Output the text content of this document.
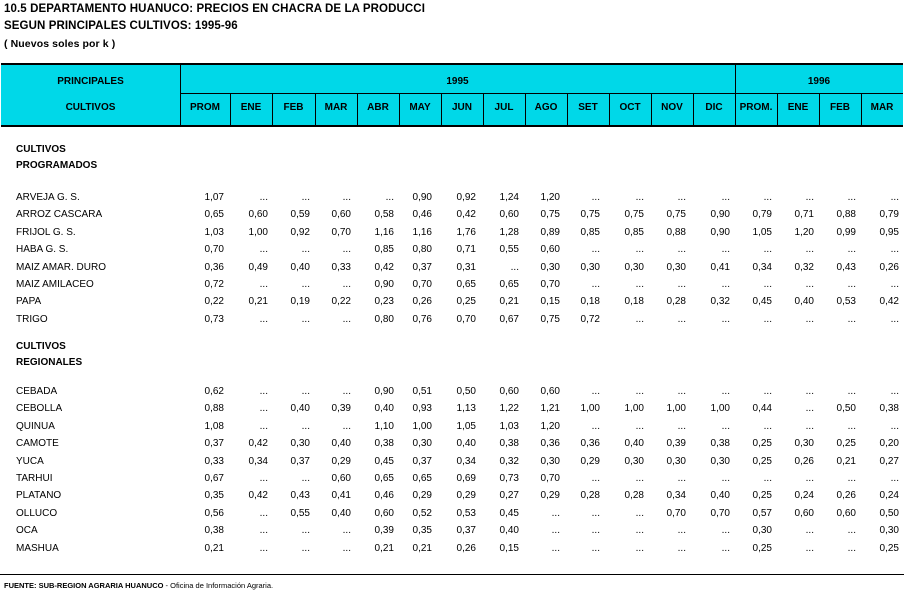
10.5 DEPARTAMENTO HUANUCO: PRECIOS EN CHACRA DE LA PRODUCCI
SEGUN PRINCIPALES CULTIVOS: 1995-96
( Nuevos soles por k )
PRINCIPALES
CULTIVOS
1995	1996
PROM	ENE	FEB	MAR	ABR	MAY	JUN	JUL	AGO	SET	OCT	NOV	DIC	PROM.	ENE	FEB	MAR
CULTIVOS
PROGRAMADOS
ARVEJA G. S.	1,07	...	...	...	... 0,90 0,92 1,24 1,20	...	...	...	...	...	...	...	...
ARROZ CASCARA	0,65 0,60 0,59 0,60 0,58 0,46 0,42 0,60 0,75 0,75 0,75 0,75 0,90 0,79 0,71 0,88 0,79
FRIJOL G. S.	1,03 1,00 0,92 0,70 1,16 1,16 1,76 1,28 0,89 0,85 0,85 0,88 0,90 1,05 1,20 0,99 0,95
HABA G. S.	0,70	...	...	... 0,85 0,80 0,71 0,55 0,60	...	...	...	...	...	...	...	...
MAIZ AMAR. DURO	0,36 0,49 0,40 0,33 0,42 0,37 0,31	... 0,30 0,30 0,30 0,30 0,41 0,34 0,32 0,43 0,26
MAIZ AMILACEO	0,72	...	...	... 0,90 0,70 0,65 0,65 0,70	...	...	...	...	...	...	...	...
PAPA	0,22 0,21 0,19 0,22 0,23 0,26 0,25 0,21 0,15 0,18 0,18 0,28 0,32 0,45 0,40 0,53 0,42
TRIGO	0,73	...	...	... 0,80 0,76 0,70 0,67 0,75 0,72	...	...	...	...	...	...	...
CULTIVOS
REGIONALES
CEBADA	0,62	...	...	... 0,90 0,51 0,50 0,60 0,60	...	...	...	...	...	...	...	...
CEBOLLA	0,88	... 0,40 0,39 0,40 0,93 1,13 1,22 1,21 1,00 1,00 1,00 1,00 0,44	... 0,50 0,38
QUINUA	1,08	...	...	... 1,10 1,00 1,05 1,03 1,20	...	...	...	...	...	...	...	...
CAMOTE	0,37 0,42 0,30 0,40 0,38 0,30 0,40 0,38 0,36 0,36 0,40 0,39 0,38 0,25 0,30 0,25 0,20
YUCA	0,33 0,34 0,37 0,29 0,45 0,37 0,34 0,32 0,30 0,29 0,30 0,30 0,30 0,25 0,26 0,21 0,27
TARHUI	0,67	...	... 0,60 0,65 0,65 0,69 0,73 0,70	...	...	...	...	...	...	...	...
PLATANO	0,35 0,42 0,43 0,41 0,46 0,29 0,29 0,27 0,29 0,28 0,28 0,34 0,40 0,25 0,24 0,26 0,24
OLLUCO	0,56	... 0,55 0,40 0,60 0,52 0,53 0,45	...	...	... 0,70 0,70 0,57 0,60 0,60 0,50
OCA	0,38	...	...	... 0,39 0,35 0,37 0,40	...	...	...	...	... 0,30	...	... 0,30
MASHUA	0,21	...	...	... 0,21 0,21 0,26 0,15	...	...	...	...	... 0,25	...	... 0,25
FUENTE: SUB-REGION AGRARIA HUANUCO - Oficina de Información Agraria.
